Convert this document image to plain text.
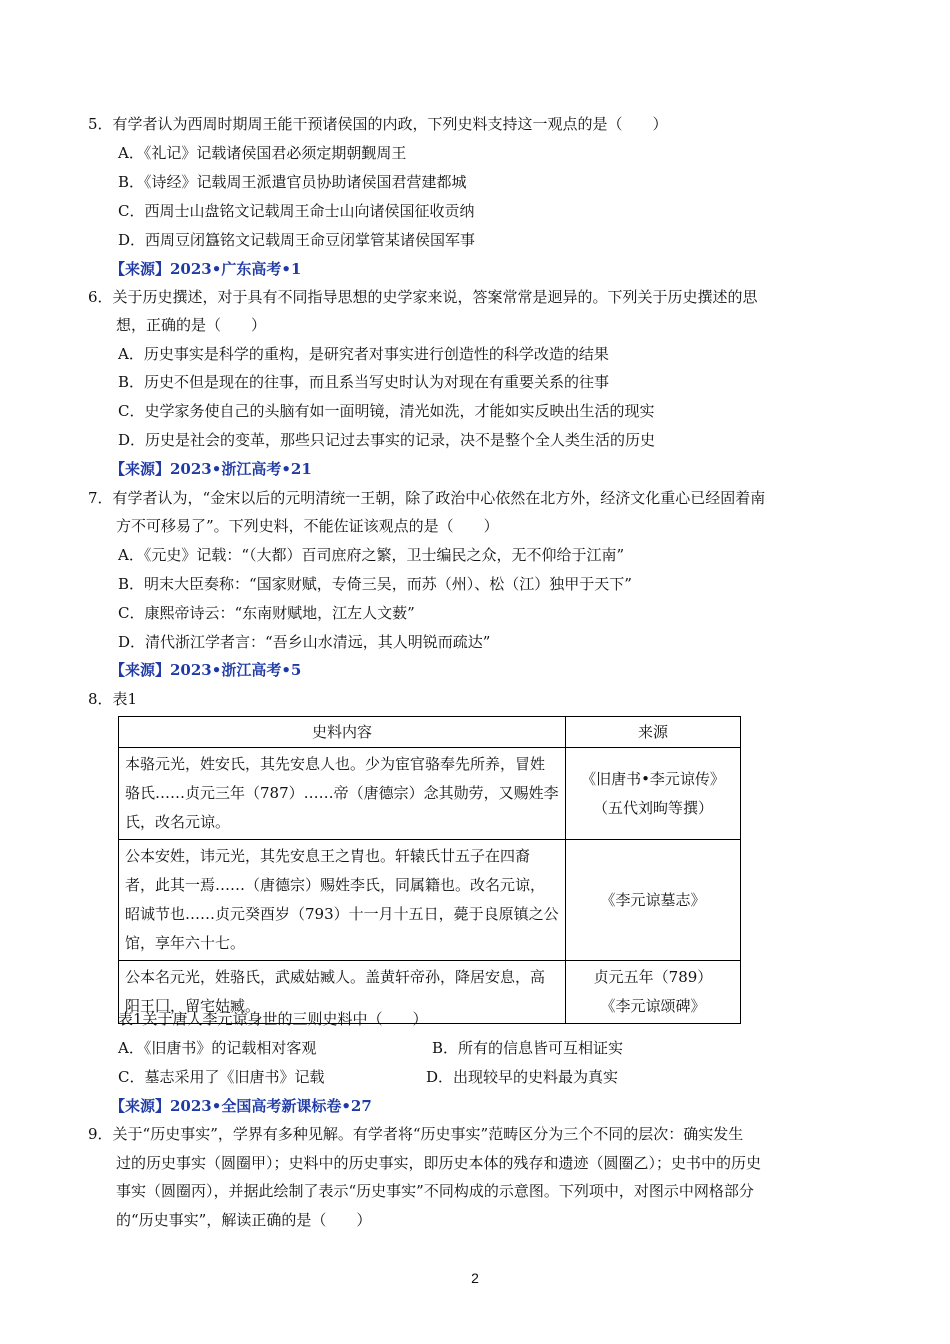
5．有学者认为西周时期周王能干预诸侯国的内政，下列史料支持这一观点的是（　　）
A．《礼记》记载诸侯国君必须定期朝觐周王
B．《诗经》记载周王派遣官员协助诸侯国君营建都城
C．西周士山盘铭文记载周王命士山向诸侯国征收贡纳
D．西周豆闭簋铭文记载周王命豆闭掌管某诸侯国军事
【来源】2023•广东高考•1
6．关于历史撰述，对于具有不同指导思想的史学家来说，答案常常是迥异的。下列关于历史撰述的思
想，正确的是（　　）
A．历史事实是科学的重构，是研究者对事实进行创造性的科学改造的结果
B．历史不但是现在的往事，而且系当写史时认为对现在有重要关系的往事
C．史学家务使自己的头脑有如一面明镜，清光如洗，才能如实反映出生活的现实
D．历史是社会的变革，那些只记过去事实的记录，决不是整个全人类生活的历史
【来源】2023•浙江高考•21
7．有学者认为，“金宋以后的元明清统一王朝，除了政治中心依然在北方外，经济文化重心已经固着南
方不可移易了”。下列史料，不能佐证该观点的是（　　）
A．《元史》记载：“（大都）百司庶府之繁，卫士编民之众，无不仰给于江南”
B．明末大臣奏称：“国家财赋，专倚三吴，而苏（州）、松（江）独甲于天下”
C．康熙帝诗云：“东南财赋地，江左人文薮”
D．清代浙江学者言：“吾乡山水清远，其人明锐而疏达”
【来源】2023•浙江高考•5
8．表1
史料内容	来源
本骆元光，姓安氏，其先安息人也。少为宦官骆奉先所养，冒姓骆氏……贞元三年（787）……帝（唐德宗）念其勋劳，又赐姓李氏，改名元谅。	《旧唐书•李元谅传》
（五代刘昫等撰）

公本安姓，讳元光，其先安息王之胄也。轩辕氏廿五子在四裔者，此其一焉……（唐德宗）赐姓李氏，同属籍也。改名元谅，昭诚节也……贞元癸酉岁（793）十一月十五日，薨于良原镇之公馆，享年六十七。	《李元谅墓志》

公本名元光，姓骆氏，武威姑臧人。盖黄轩帝孙，降居安息，高阳王囗，留宅姑臧。	贞元五年（789）
《李元谅颂碑》
表1关于唐人李元谅身世的三则史料中（　　）
A．《旧唐书》的记载相对客观	B．所有的信息皆可互相证实
C．墓志采用了《旧唐书》记载	D．出现较早的史料最为真实
【来源】2023•全国高考新课标卷•27
9．关于“历史事实”，学界有多种见解。有学者将“历史事实”范畴区分为三个不同的层次：确实发生
过的历史事实（圆圈甲）；史料中的历史事实，即历史本体的残存和遗迹（圆圈乙）；史书中的历史
事实（圆圈丙），并据此绘制了表示“历史事实”不同构成的示意图。下列项中，对图示中网格部分
的“历史事实”，解读正确的是（　　）
2
